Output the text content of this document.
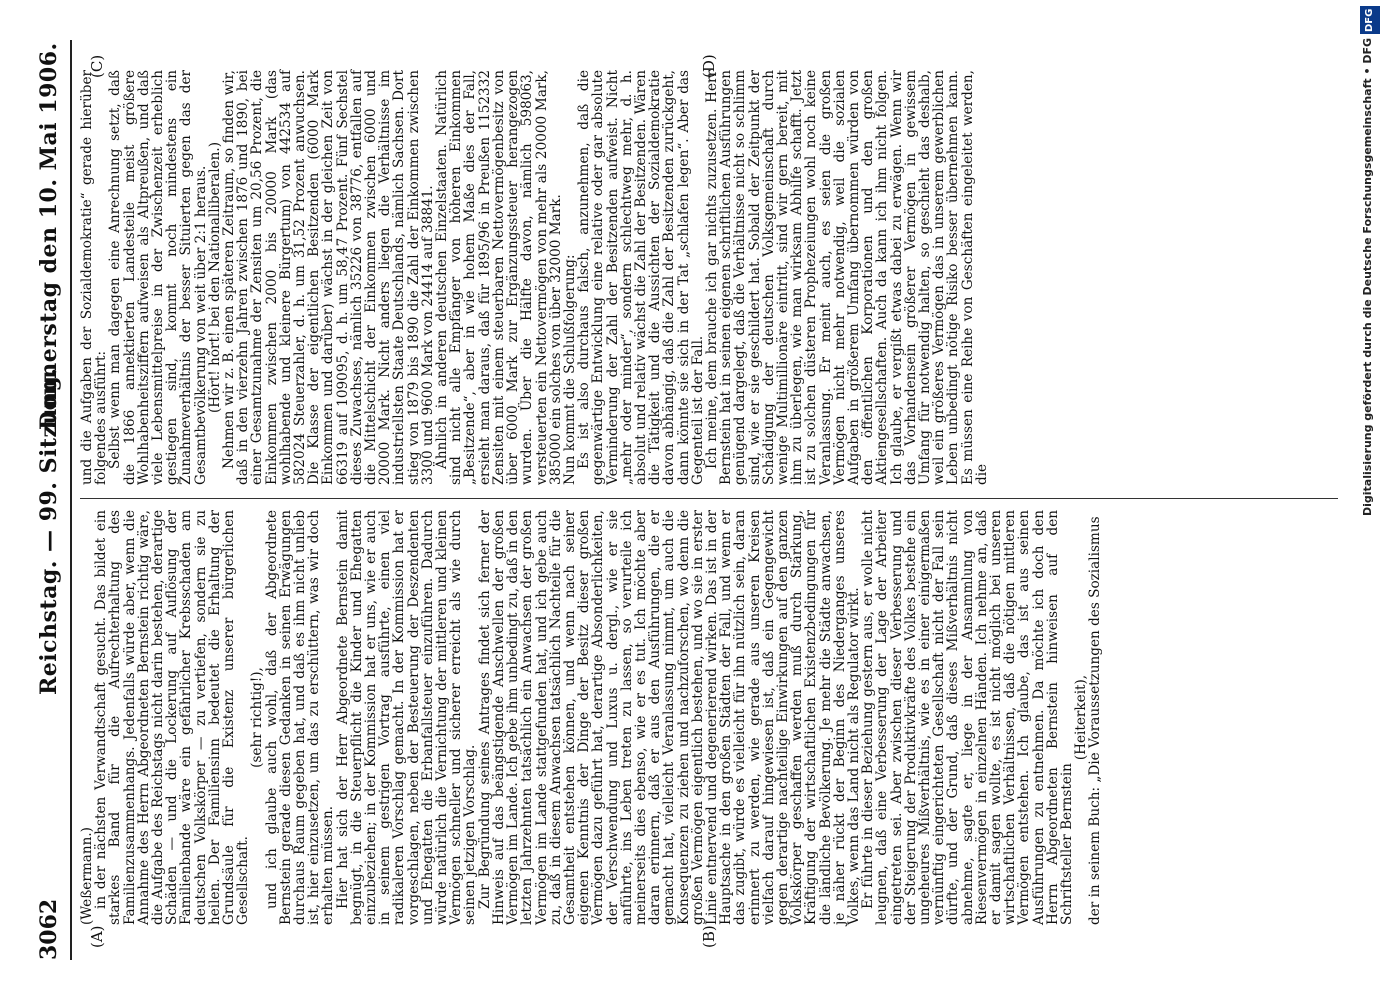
3062
Reichstag. — 99. Sitzung.
Donnerstag den 10. Mai 1906.
(A)	(B)
(C)	(D)

(Weßermann.)

in der nächsten Verwandtschaft gesucht. Das bildet ein starkes Band für die Aufrechterhaltung des Familienzusammenhangs. Jedenfalls würde aber, wenn die Annahme des Herrn Abgeordneten Bernstein richtig wäre, die Aufgabe des Reichstags nicht darin bestehen, derartige Schäden — und die Lockerung auf Auflösung der Familienbande wäre ein gefährlicher Krebsschaden am deutschen Volkskörper — zu vertiefen, sondern sie zu heilen. Der Familiensinn bedeutet die Erhaltung der Grundsäule für die Existenz unserer bürgerlichen Gesellschaft.

(sehr richtig!),

und ich glaube auch wohl, daß der Abgeordnete Bernstein gerade diesen Gedanken in seinen Erwägungen durchaus Raum gegeben hat, und daß es ihm nicht unlieb ist, hier einzusetzen, um das zu erschüttern, was wir doch erhalten müssen.

Hier hat sich der Herr Abgeordnete Bernstein damit begnügt, in die Steuerpflicht die Kinder und Ehegatten einzubeziehen; in der Kommission hat er uns, wie er auch in seinem gestrigen Vortrag ausführte, einen viel radikaleren Vorschlag gemacht. In der Kommission hat er vorgeschlagen, neben der Besteuerung der Deszendenten und Ehegatten die Erbanfallsteuer einzuführen. Dadurch würde natürlich die Vernichtung der mittleren und kleinen Vermögen schneller und sicherer erreicht als wie durch seinen jetzigen Vorschlag.

Zur Begründung seines Antrages findet sich ferner der Hinweis auf das beängstigende Anschwellen der großen Vermögen im Lande. Ich gebe ihm unbedingt zu, daß in den letzten Jahrzehnten tatsächlich ein Anwachsen der großen Vermögen im Lande stattgefunden hat, und ich gebe auch zu, daß in diesem Anwachsen tatsächlich Nachteile für die Gesamtheit entstehen können, und wenn nach seiner eigenen Kenntnis der Dinge der Besitz dieser großen Vermögen dazu geführt hat, derartige Absonderlichkeiten, der Verschwendung und Luxus u. dergl., wie er sie anführte, ins Leben treten zu lassen, so verurteile ich meinerseits dies ebenso, wie er es tut. Ich möchte aber daran erinnern, daß er aus den Ausführungen, die er gemacht hat, vielleicht Veranlassung nimmt, um auch die Konsequenzen zu ziehen und nachzuforschen, wo denn die großen Vermögen eigentlich bestehen, und wo sie in erster Linie entnervend und degenerierend wirken. Das ist in der Hauptsache in den großen Städten der Fall, und wenn er das zugibt, würde es vielleicht für ihn nützlich sein, daran erinnert zu werden, wie gerade aus unseren Kreisen vielfach darauf hingewiesen ist, daß ein Gegengewicht gegen derartige nachteilige Einwirkungen auf den ganzen Volkskörper geschaffen werden muß durch Stärkung, Kräftigung der wirtschaftlichen Existenzbedingungen für die ländliche Bevölkerung. Je mehr die Städte anwachsen, je näher rückt der Beginn des Niederganges unseres Volkes, wenn das Land nicht als Regulator wirkt.

Er führte in dieser Beziehung gestern aus, er wolle nicht leugnen, daß eine Verbesserung der Lage der Arbeiter eingetreten sei. Aber zwischen dieser Verbesserung und der Steigerung der Produktivkräfte des Volkes bestehe ein ungeheures Mißverhältnis, wie es in einer einigermaßen vernünftig eingerichteten Gesellschaft nicht der Fall sein dürfte, und der Grund, daß dieses Mißverhältnis nicht abnehme, sagte er, liege in der Ansammlung von Riesenvermögen in einzelnen Händen. Ich nehme an, daß er damit sagen wollte, es ist nicht möglich bei unseren wirtschaftlichen Verhältnissen, daß die nötigen mittleren Vermögen entstehen. Ich glaube, das ist aus seinen Ausführungen zu entnehmen. Da möchte ich doch den Herrn Abgeordneten Bernstein hinweisen auf den Schriftsteller Bernstein

(Heiterkeit),

der in seinem Buch: „Die Voraussetzungen des Sozialismus

und die Aufgaben der Sozialdemokratie“ gerade hierüber folgendes ausführt:

Selbst wenn man dagegen eine Anrechnung setzt, daß die 1866 annektierten Landesteile meist größere Wohlhabenheitsziffern aufweisen als Altpreußen, und daß viele Lebensmittelpreise in der Zwischenzeit erheblich gestiegen sind, kommt noch mindestens ein Zunahmeverhältnis der besser Situierten gegen das der Gesamtbevölkerung von weit über 2:1 heraus.

(Hört! hört! bei den Nationalliberalen.)

Nehmen wir z. B. einen späteren Zeitraum, so finden wir, daß in den vierzehn Jahren zwischen 1876 und 1890, bei einer Gesamtzunahme der Zensiten um 20,56 Prozent, die Einkommen zwischen 2000 bis 20000 Mark (das wohlhabende und kleinere Bürgertum) von 442534 auf 582024 Steuerzahler, d. h. um 31,52 Prozent anwuchsen. Die Klasse der eigentlichen Besitzenden (6000 Mark Einkommen und darüber) wächst in der gleichen Zeit von 66319 auf 109095, d. h. um 58,47 Prozent. Fünf Sechstel dieses Zuwachses, nämlich 35226 von 38776, entfallen auf die Mittelschicht der Einkommen zwischen 6000 und 20000 Mark. Nicht anders liegen die Verhältnisse im industriellsten Staate Deutschlands, nämlich Sachsen. Dort stieg von 1879 bis 1890 die Zahl der Einkommen zwischen 3300 und 9600 Mark von 24414 auf 38841.

Ähnlich in anderen deutschen Einzelstaaten. Natürlich sind nicht alle Empfänger von höheren Einkommen „Besitzende“, aber in wie hohem Maße dies der Fall, ersieht man daraus, daß für 1895/96 in Preußen 1152332 Zensiten mit einem steuerbaren Nettovermögenbesitz von über 6000 Mark zur Ergänzungssteuer herangezogen wurden. Über die Hälfte davon, nämlich 598063, versteuerten ein Nettovermögen von mehr als 20000 Mark, 385000 ein solches von über 32000 Mark.

Nun kommt die Schlußfolgerung:

Es ist also durchaus falsch, anzunehmen, daß die gegenwärtige Entwicklung eine relative oder gar absolute Verminderung der Zahl der Besitzenden aufweist. Nicht „mehr oder minder“, sondern schlechtweg mehr, d. h. absolut und relativ wächst die Zahl der Besitzenden. Wären die Tätigkeit und die Aussichten der Sozialdemokratie davon abhängig, daß die Zahl der Besitzenden zurückgeht, dann könnte sie sich in der Tat „schlafen legen“. Aber das Gegenteil ist der Fall.

Ich meine, dem brauche ich gar nichts zuzusetzen. Herr Bernstein hat in seinen eigenen schriftlichen Ausführungen genügend dargelegt, daß die Verhältnisse nicht so schlimm sind, wie er sie geschildert hat. Sobald der Zeitpunkt der Schädigung der deutschen Volksgemeinschaft durch wenige Multimillionäre eintritt, sind wir gern bereit, mit ihm zu überlegen, wie man wirksam Abhilfe schafft. Jetzt ist zu solchen düsteren Prophezeiungen wohl noch keine Veranlassung. Er meint auch, es seien die großen Vermögen nicht mehr notwendig, weil die sozialen Aufgaben in größerem Umfang übernommen würden von den öffentlichen Korporationen und den großen Aktiengesellschaften. Auch da kann ich ihm nicht folgen. Ich glaube, er vergißt etwas dabei zu erwägen. Wenn wir das Vorhandensein größerer Vermögen in gewissem Umfang für notwendig halten, so geschieht das deshalb, weil ein größeres Vermögen das in unserem gewerblichen Leben unbedingt nötige Risiko besser übernehmen kann. Es müssen eine Reihe von Geschäften eingeleitet werden, die

DFG
Digitalisierung gefördert durch die Deutsche Forschungsgemeinschaft • DFG
